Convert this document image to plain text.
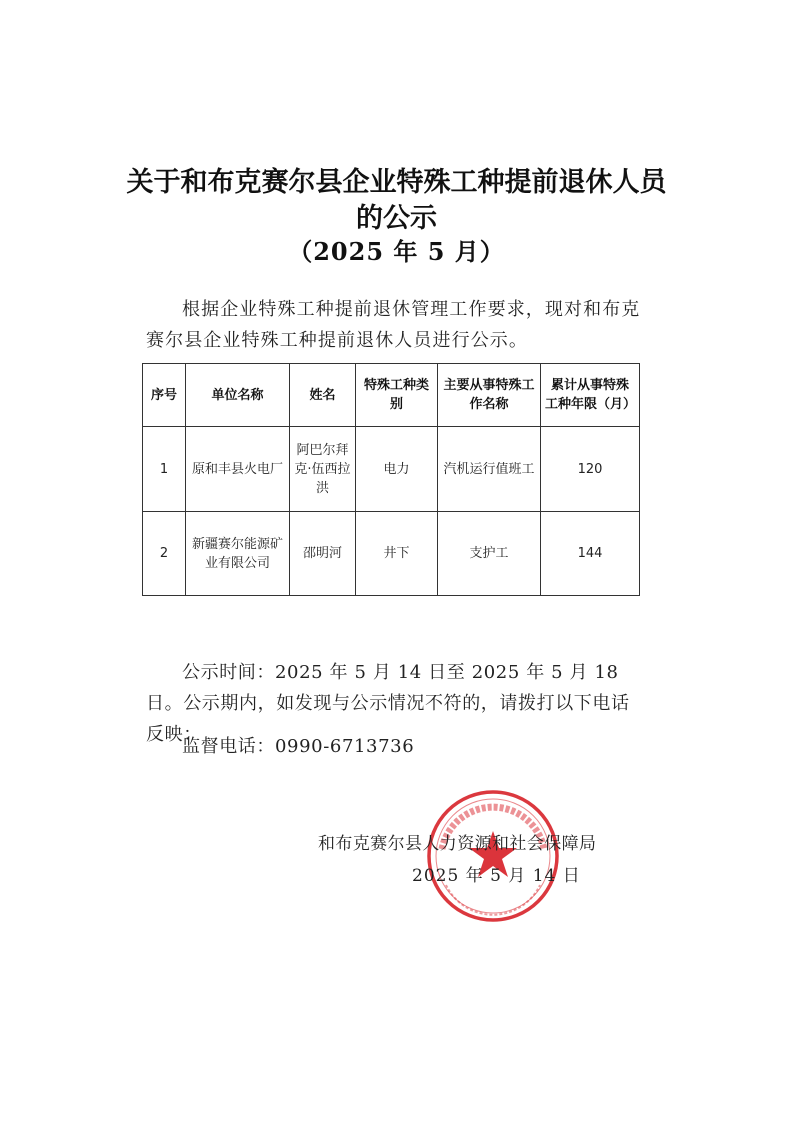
关于和布克赛尔县企业特殊工种提前退休人员
的公示
（2025 年 5 月）
根据企业特殊工种提前退休管理工作要求，现对和布克赛尔县企业特殊工种提前退休人员进行公示。
序号	单位名称	姓名	特殊工种类别	主要从事特殊工作名称	累计从事特殊工种年限（月）
1	原和丰县火电厂	阿巴尔拜克·伍西拉洪	电力	汽机运行值班工	120
2	新疆赛尔能源矿业有限公司	邵明河	井下	支护工	144
公示时间：2025 年 5 月 14 日至 2025 年 5 月 18 日。公示期内，如发现与公示情况不符的，请拨打以下电话反映：
监督电话：0990-6713736
和布克赛尔县人力资源和社会保障局
2025 年 5 月 14 日
